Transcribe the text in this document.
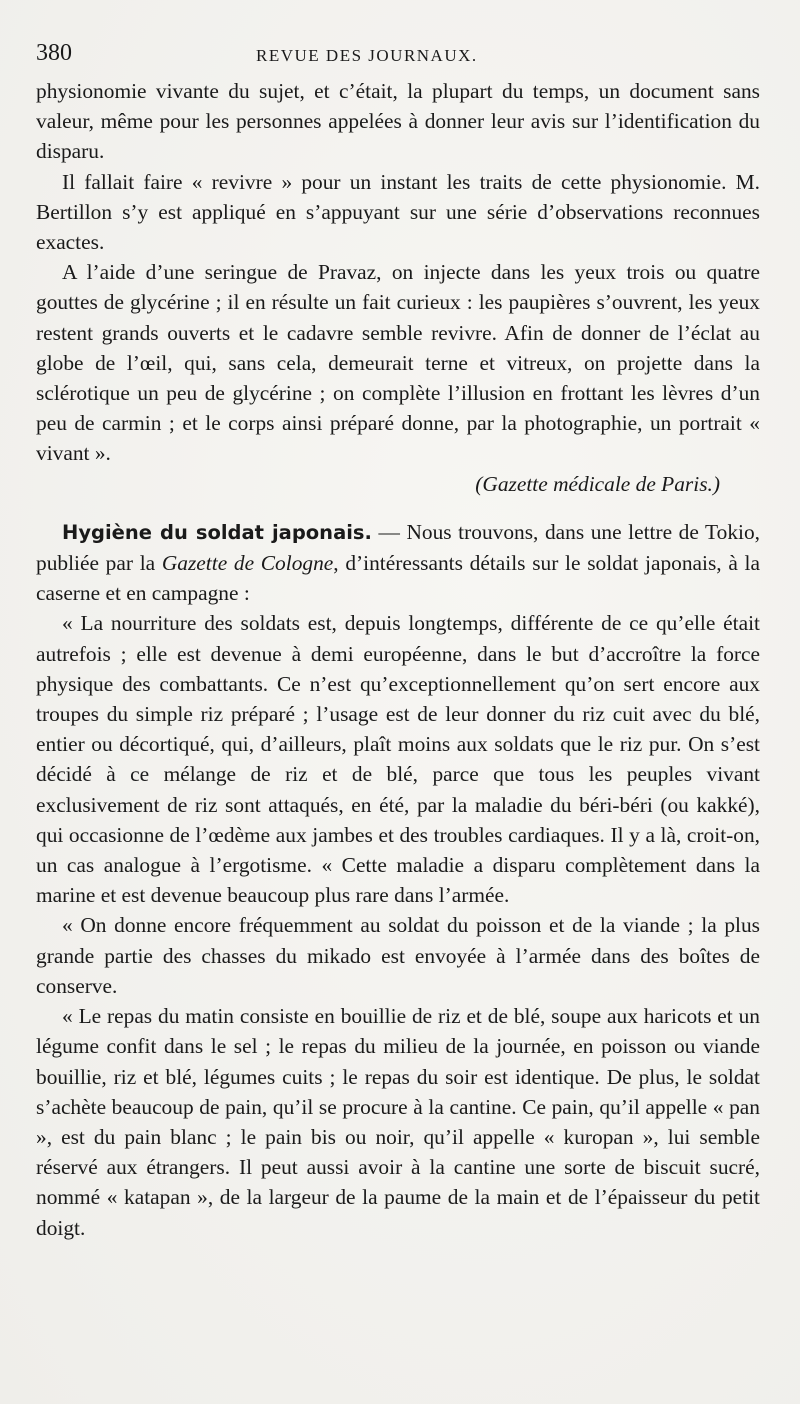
380	REVUE DES JOURNAUX.

physionomie vivante du sujet, et c’était, la plupart du temps, un document sans valeur, même pour les personnes appelées à donner leur avis sur l’identification du disparu.

Il fallait faire « revivre » pour un instant les traits de cette physionomie. M. Bertillon s’y est appliqué en s’appuyant sur une série d’observations reconnues exactes.

A l’aide d’une seringue de Pravaz, on injecte dans les yeux trois ou quatre gouttes de glycérine ; il en résulte un fait curieux : les paupières s’ouvrent, les yeux restent grands ouverts et le cadavre semble revivre. Afin de donner de l’éclat au globe de l’œil, qui, sans cela, demeurait terne et vitreux, on projette dans la sclérotique un peu de glycérine ; on complète l’illusion en frottant les lèvres d’un peu de carmin ; et le corps ainsi préparé donne, par la photographie, un portrait « vivant ».

(Gazette médicale de Paris.)

Hygiène du soldat japonais. — Nous trouvons, dans une lettre de Tokio, publiée par la Gazette de Cologne, d’intéressants détails sur le soldat japonais, à la caserne et en campagne :

« La nourriture des soldats est, depuis longtemps, différente de ce qu’elle était autrefois ; elle est devenue à demi européenne, dans le but d’accroître la force physique des combattants. Ce n’est qu’exceptionnellement qu’on sert encore aux troupes du simple riz préparé ; l’usage est de leur donner du riz cuit avec du blé, entier ou décortiqué, qui, d’ailleurs, plaît moins aux soldats que le riz pur. On s’est décidé à ce mélange de riz et de blé, parce que tous les peuples vivant exclusivement de riz sont attaqués, en été, par la maladie du béri-béri (ou kakké), qui occasionne de l’œdème aux jambes et des troubles cardiaques. Il y a là, croit-on, un cas analogue à l’ergotisme. « Cette maladie a disparu complètement dans la marine et est devenue beaucoup plus rare dans l’armée.

« On donne encore fréquemment au soldat du poisson et de la viande ; la plus grande partie des chasses du mikado est envoyée à l’armée dans des boîtes de conserve.

« Le repas du matin consiste en bouillie de riz et de blé, soupe aux haricots et un légume confit dans le sel ; le repas du milieu de la journée, en poisson ou viande bouillie, riz et blé, légumes cuits ; le repas du soir est identique. De plus, le soldat s’achète beaucoup de pain, qu’il se procure à la cantine. Ce pain, qu’il appelle « pan », est du pain blanc ; le pain bis ou noir, qu’il appelle « kuropan », lui semble réservé aux étrangers. Il peut aussi avoir à la cantine une sorte de biscuit sucré, nommé « katapan », de la largeur de la paume de la main et de l’épaisseur du petit doigt.
